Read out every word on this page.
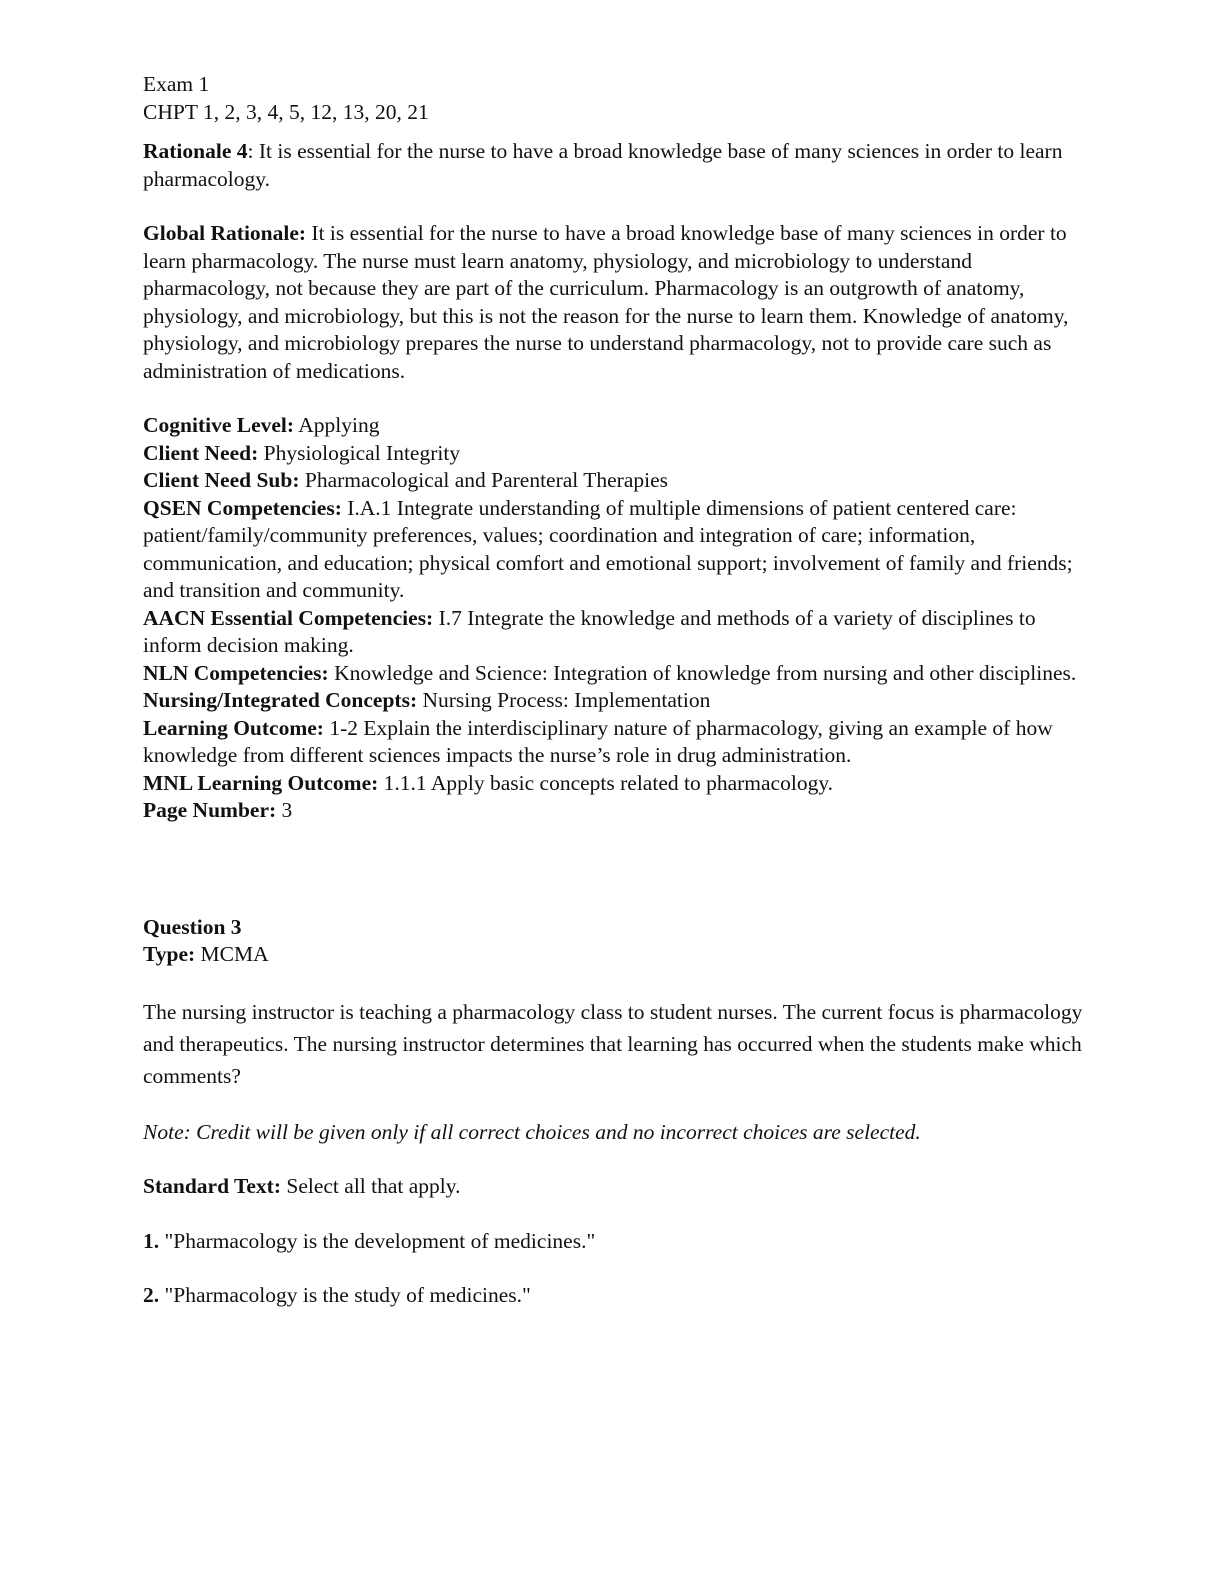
Exam 1

CHPT 1, 2, 3, 4, 5, 12, 13, 20, 21

Rationale 4: It is essential for the nurse to have a broad knowledge base of many sciences in order to learn pharmacology.

Global Rationale: It is essential for the nurse to have a broad knowledge base of many sciences in order to learn pharmacology. The nurse must learn anatomy, physiology, and microbiology to understand pharmacology, not because they are part of the curriculum. Pharmacology is an outgrowth of anatomy, physiology, and microbiology, but this is not the reason for the nurse to learn them. Knowledge of anatomy, physiology, and microbiology prepares the nurse to understand pharmacology, not to provide care such as administration of medications.

Cognitive Level: Applying

Client Need: Physiological Integrity

Client Need Sub: Pharmacological and Parenteral Therapies

QSEN Competencies: I.A.1 Integrate understanding of multiple dimensions of patient centered care: patient/family/community preferences, values; coordination and integration of care; information, communication, and education; physical comfort and emotional support; involvement of family and friends; and transition and community.

AACN Essential Competencies: I.7 Integrate the knowledge and methods of a variety of disciplines to inform decision making.

NLN Competencies: Knowledge and Science: Integration of knowledge from nursing and other disciplines.

Nursing/Integrated Concepts: Nursing Process: Implementation

Learning Outcome: 1-2 Explain the interdisciplinary nature of pharmacology, giving an example of how knowledge from different sciences impacts the nurse’s role in drug administration.

MNL Learning Outcome: 1.1.1 Apply basic concepts related to pharmacology.

Page Number: 3

Question 3

Type: MCMA

The nursing instructor is teaching a pharmacology class to student nurses. The current focus is pharmacology and therapeutics. The nursing instructor determines that learning has occurred when the students make which comments?

Note: Credit will be given only if all correct choices and no incorrect choices are selected.

Standard Text: Select all that apply.

1. "Pharmacology is the development of medicines."

2. "Pharmacology is the study of medicines."
